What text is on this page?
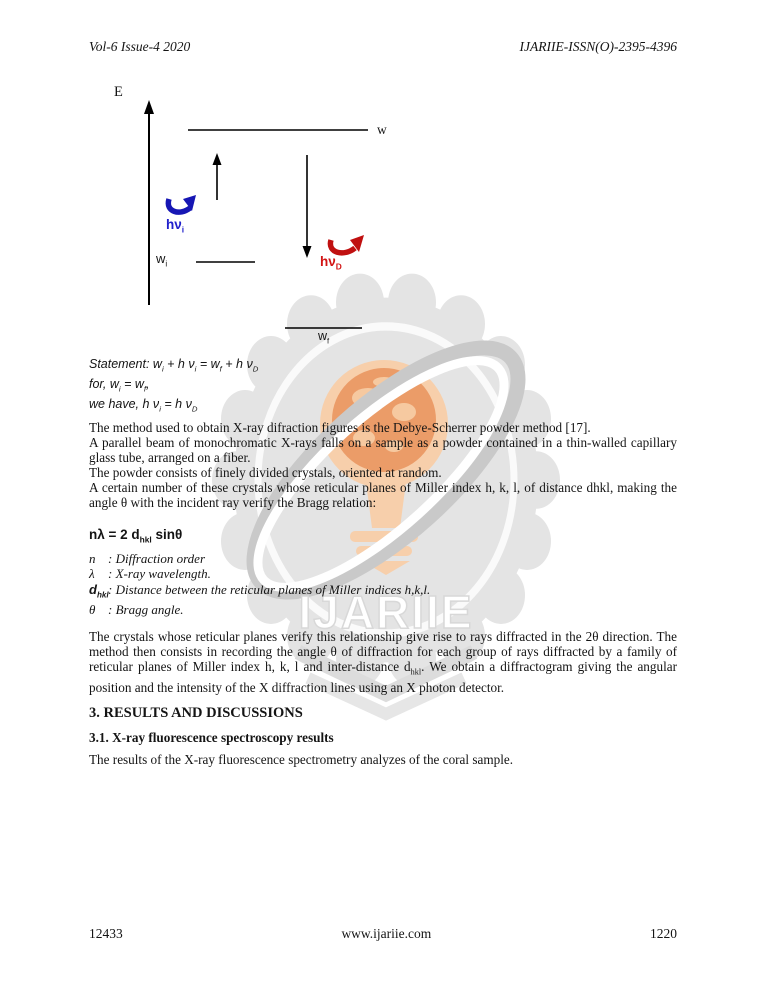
IJARIIE
Vol-6 Issue-4 2020	IJARIIE-ISSN(O)-2395-4396
E
w
$w_i$
$w_f$
$h\nu_i$
$h\nu_D$
Statement: $w_i + h$ $\nu_i = w_f + h$ $\nu_D$
for, $w_i = w_f$,
we have, h $\nu_i = h$ $\nu_D$

The method used to obtain X-ray difraction figures is the Debye-Scherrer powder method [17].

A parallel beam of monochromatic X-rays falls on a sample as a powder contained in a thin-walled capillary glass tube, arranged on a fiber.

The powder consists of finely divided crystals, oriented at random.

A certain number of these crystals whose reticular planes of Miller index h, k, l, of distance dhkl, making the angle θ with the incident ray verify the Bragg relation:

nλ = 2 $d_{hkl}$ sinθ
n : Diffraction order
λ	: X-ray wavelength.
$d_{hkl}$ : Distance between the reticular planes of Miller indices h,k,l.
θ : Bragg angle.
The crystals whose reticular planes verify this relationship give rise to rays diffracted in the 2θ direction. The method then consists in recording the angle θ of diffraction for each group of rays diffracted by a family of reticular planes of Miller index h, k, l and inter-distance $d_{hkl}$. We obtain a diffractogram giving the angular position and the intensity of the X diffraction lines using an X photon detector.
3. RESULTS AND DISCUSSIONS
3.1. X-ray fluorescence spectroscopy results
The results of the X-ray fluorescence spectrometry analyzes of the coral sample.
12433	www.ijariie.com	1220
